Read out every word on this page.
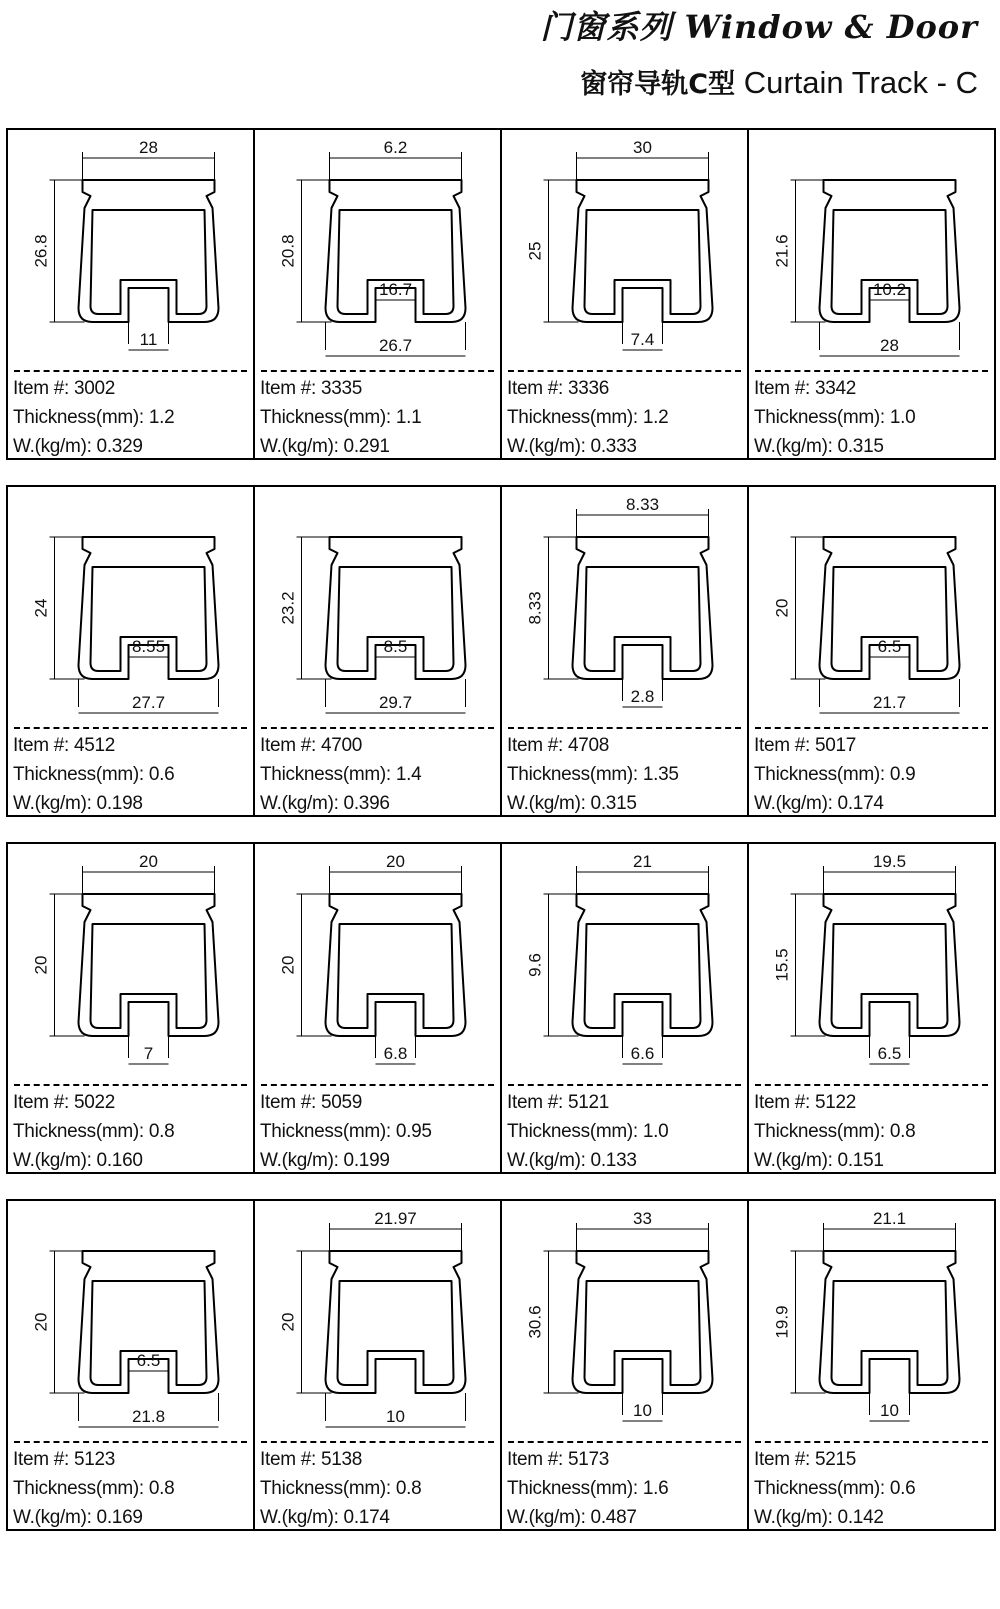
门窗系列 Window & Door
窗帘导轨C型 Curtain Track - C
28
26.8
11
Item #: 3002
Thickness(mm): 1.2
W.(kg/m): 0.329
6.2
20.8
16.7
26.7
Item #: 3335
Thickness(mm): 1.1
W.(kg/m): 0.291
30
25
7.4
Item #: 3336
Thickness(mm): 1.2
W.(kg/m): 0.333
21.6
10.2
28
Item #: 3342
Thickness(mm): 1.0
W.(kg/m): 0.315
24
8.55
27.7
Item #: 4512
Thickness(mm): 0.6
W.(kg/m): 0.198
23.2
8.5
29.7
Item #: 4700
Thickness(mm): 1.4
W.(kg/m): 0.396
8.33
8.33
2.8
Item #: 4708
Thickness(mm): 1.35
W.(kg/m): 0.315
20
6.5
21.7
Item #: 5017
Thickness(mm): 0.9
W.(kg/m): 0.174
20
20
7
Item #: 5022
Thickness(mm): 0.8
W.(kg/m): 0.160
20
20
6.8
Item #: 5059
Thickness(mm): 0.95
W.(kg/m): 0.199
21
9.6
6.6
Item #: 5121
Thickness(mm): 1.0
W.(kg/m): 0.133
19.5
15.5
6.5
Item #: 5122
Thickness(mm): 0.8
W.(kg/m): 0.151
20
6.5
21.8
Item #: 5123
Thickness(mm): 0.8
W.(kg/m): 0.169
21.97
20
10
Item #: 5138
Thickness(mm): 0.8
W.(kg/m): 0.174
33
30.6
10
Item #: 5173
Thickness(mm): 1.6
W.(kg/m): 0.487
21.1
19.9
10
Item #: 5215
Thickness(mm): 0.6
W.(kg/m): 0.142
